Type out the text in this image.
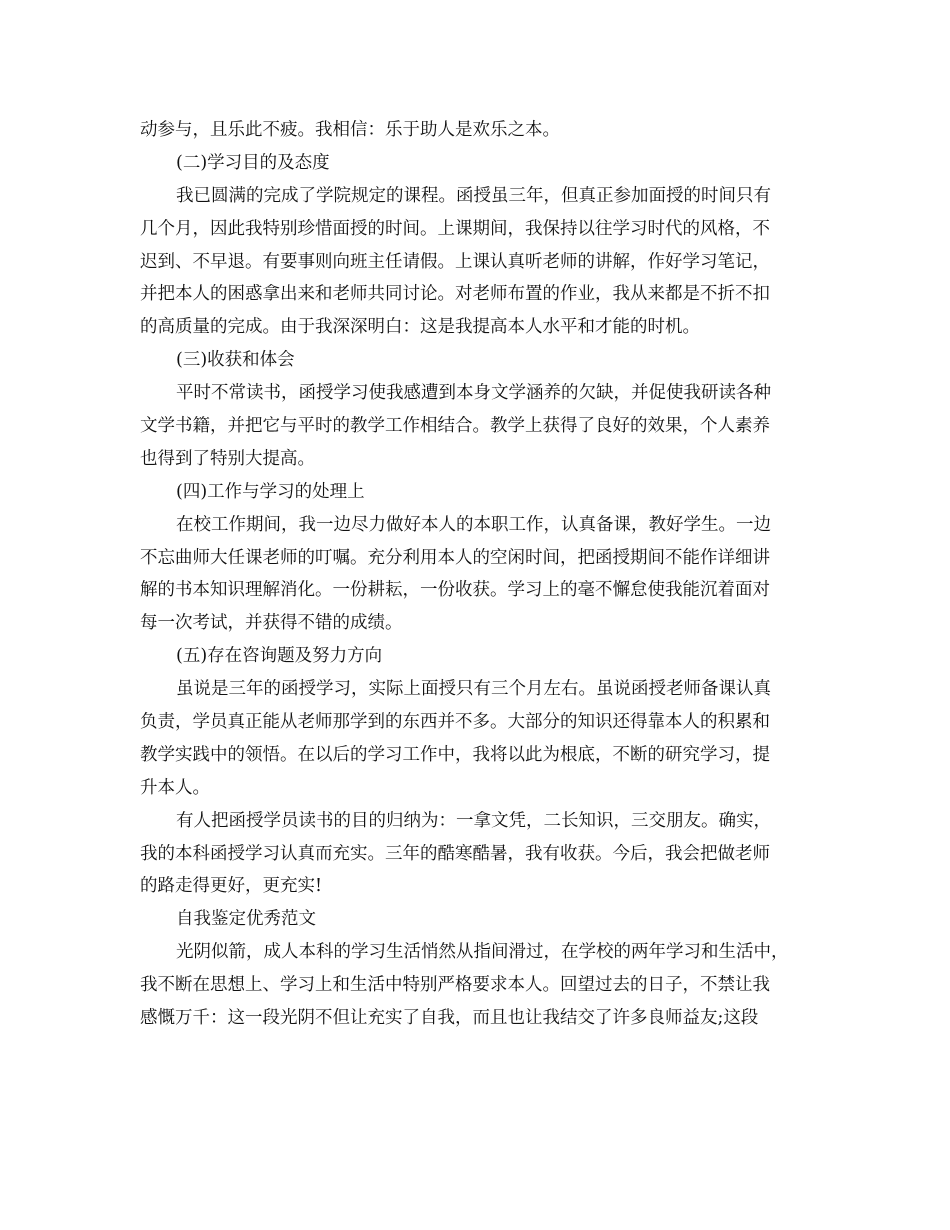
动参与，且乐此不疲。我相信：乐于助人是欢乐之本。
(二)学习目的及态度
我已圆满的完成了学院规定的课程。函授虽三年，但真正参加面授的时间只有
几个月，因此我特别珍惜面授的时间。上课期间，我保持以往学习时代的风格，不
迟到、不早退。有要事则向班主任请假。上课认真听老师的讲解，作好学习笔记，
并把本人的困惑拿出来和老师共同讨论。对老师布置的作业，我从来都是不折不扣
的高质量的完成。由于我深深明白：这是我提高本人水平和才能的时机。
(三)收获和体会
平时不常读书，函授学习使我感遭到本身文学涵养的欠缺，并促使我研读各种
文学书籍，并把它与平时的教学工作相结合。教学上获得了良好的效果，个人素养
也得到了特别大提高。
(四)工作与学习的处理上
在校工作期间，我一边尽力做好本人的本职工作，认真备课，教好学生。一边
不忘曲师大任课老师的叮嘱。充分利用本人的空闲时间，把函授期间不能作详细讲
解的书本知识理解消化。一份耕耘，一份收获。学习上的毫不懈怠使我能沉着面对
每一次考试，并获得不错的成绩。
(五)存在咨询题及努力方向
虽说是三年的函授学习，实际上面授只有三个月左右。虽说函授老师备课认真
负责，学员真正能从老师那学到的东西并不多。大部分的知识还得靠本人的积累和
教学实践中的领悟。在以后的学习工作中，我将以此为根底，不断的研究学习，提
升本人。
有人把函授学员读书的目的归纳为：一拿文凭，二长知识，三交朋友。确实，
我的本科函授学习认真而充实。三年的酷寒酷暑，我有收获。今后，我会把做老师
的路走得更好，更充实!
自我鉴定优秀范文
光阴似箭，成人本科的学习生活悄然从指间滑过，在学校的两年学习和生活中，
我不断在思想上、学习上和生活中特别严格要求本人。回望过去的日子，不禁让我
感慨万千：这一段光阴不但让充实了自我，而且也让我结交了许多良师益友;这段
